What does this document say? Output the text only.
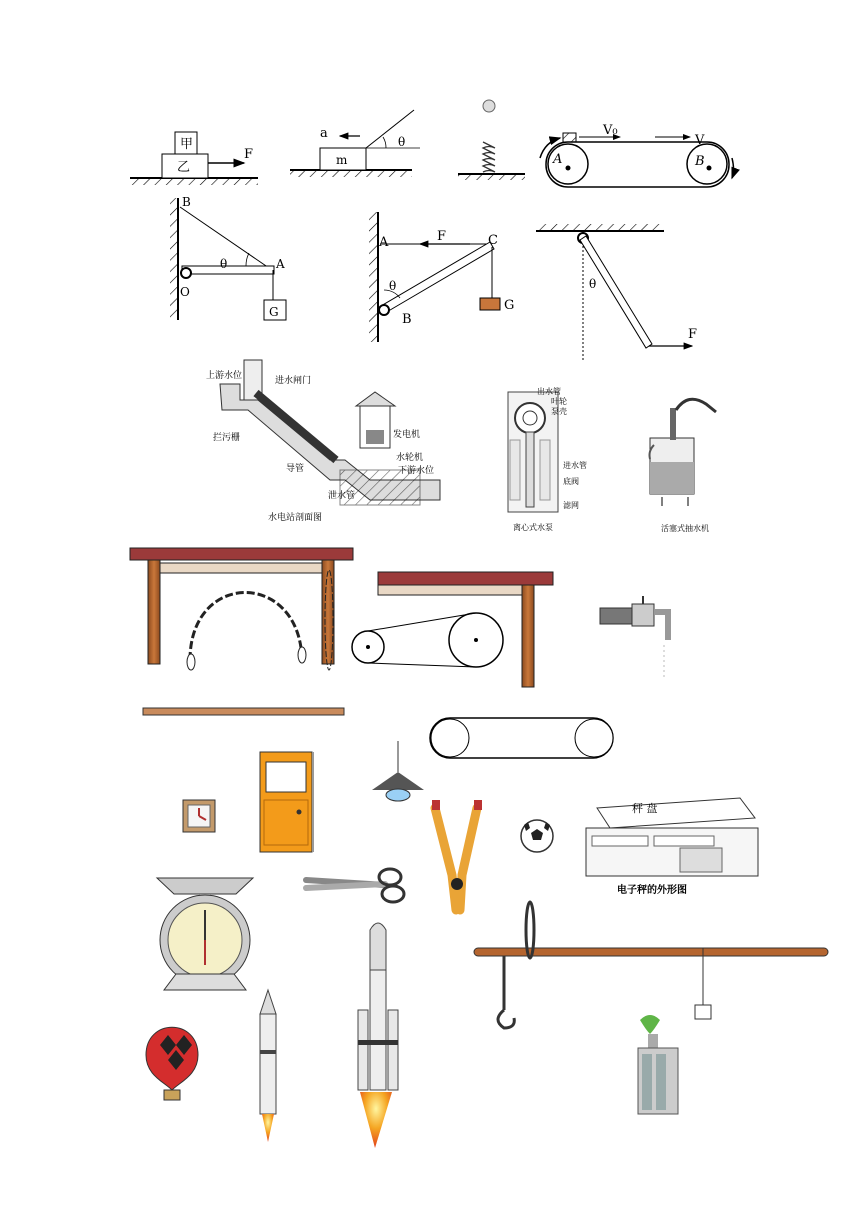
甲
乙
F	m
θ
a
A	B
V₀
V
G
B
A
O
θ
G
A	F	C
B
θ
F
θ
上游水位	进水闸门
发电机
拦污栅
水轮机
导管	下游水位
泄水管
水电站剖面图
出水管
叶轮
泵壳
进水管
底阀
滤网
离心式水泵	活塞式抽水机
秤 盘
电子秤的外形图
